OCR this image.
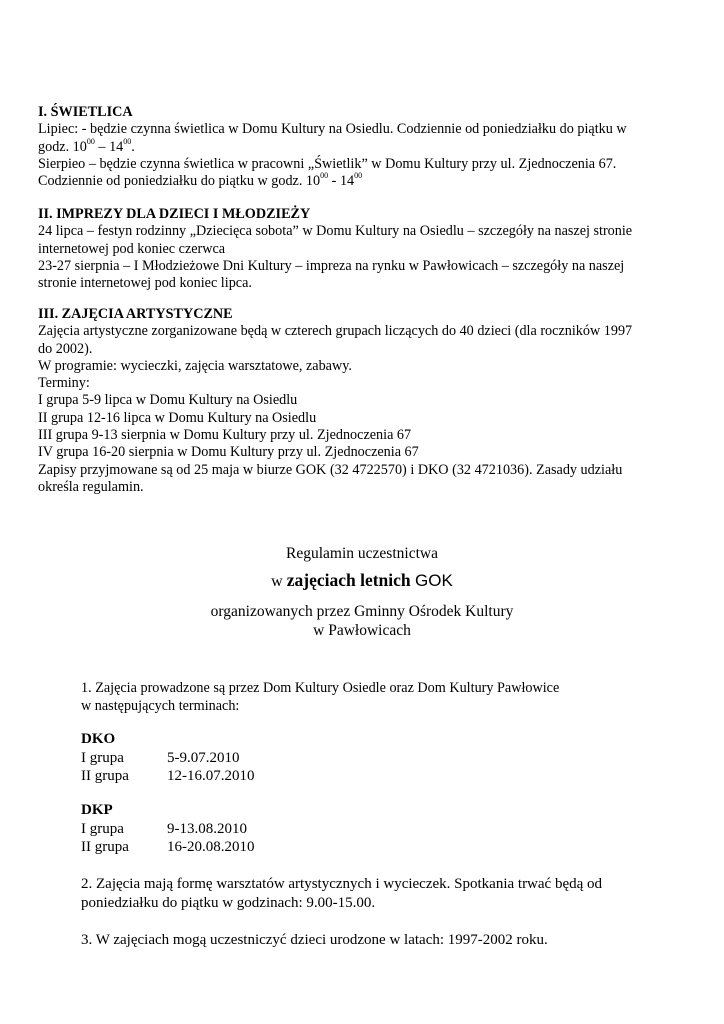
I. ŚWIETLICA

Lipiec: - będzie czynna świetlica w Domu Kultury na Osiedlu. Codziennie od poniedziałku do piątku w

godz. $10^{00} - 14^{00}$.

Sierpieo – będzie czynna świetlica w pracowni „Świetlik” w Domu Kultury przy ul. Zjednoczenia 67.

Codziennie od poniedziałku do piątku w godz. $10^{00} - 14^{00}$

II. IMPREZY DLA DZIECI I MŁODZIEŻY

24 lipca – festyn rodzinny „Dziecięca sobota” w Domu Kultury na Osiedlu – szczegóły na naszej stronie

internetowej pod koniec czerwca

23-27 sierpnia – I Młodzieżowe Dni Kultury – impreza na rynku w Pawłowicach – szczegóły na naszej

stronie internetowej pod koniec lipca.

III. ZAJĘCIA ARTYSTYCZNE

Zajęcia artystyczne zorganizowane będą w czterech grupach liczących do 40 dzieci (dla roczników 1997

do 2002).

W programie: wycieczki, zajęcia warsztatowe, zabawy.

Terminy:

I grupa 5-9 lipca w Domu Kultury na Osiedlu

II grupa 12-16 lipca w Domu Kultury na Osiedlu

III grupa 9-13 sierpnia w Domu Kultury przy ul. Zjednoczenia 67

IV grupa 16-20 sierpnia w Domu Kultury przy ul. Zjednoczenia 67

Zapisy przyjmowane są od 25 maja w biurze GOK (32 4722570) i DKO (32 4721036). Zasady udziału

określa regulamin.

Regulamin uczestnictwa
w zajęciach letnich GOK
organizowanych przez Gminny Ośrodek Kultury
w Pawłowicach

1. Zajęcia prowadzone są przez Dom Kultury Osiedle oraz Dom Kultury Pawłowice

w następujących terminach:

DKO
I grupa	5-9.07.2010
II grupa	12-16.07.2010
DKP
I grupa	9-13.08.2010
II grupa	16-20.08.2010

2. Zajęcia mają formę warsztatów artystycznych i wycieczek. Spotkania trwać będą od

poniedziałku do piątku w godzinach: 9.00-15.00.

3. W zajęciach mogą uczestniczyć dzieci urodzone w latach: 1997-2002 roku.
